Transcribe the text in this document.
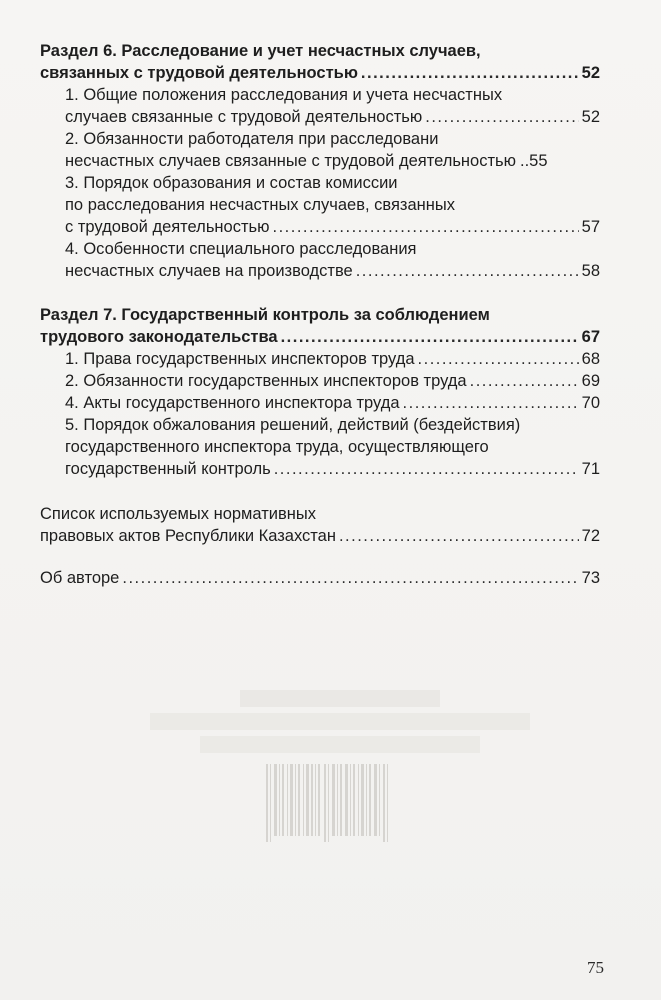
Раздел 6. Расследование и учет несчастных случаев,
связанных с трудовой деятельностью .....	52
1. Общие положения расследования и учета несчастных
случаев связанные с трудовой деятельностью .....	52
2. Обязанности работодателя при расследовани
несчастных случаев связанные с трудовой деятельностью ..55
3. Порядок образования и состав комиссии
по расследования несчастных случаев, связанных
с трудовой деятельностью .....	57
4. Особенности специального расследования
несчастных случаев на производстве .....	58
Раздел 7. Государственный контроль за соблюдением
трудового законодательства .....	67
1. Права государственных инспекторов труда .....	68
2. Обязанности государственных инспекторов труда .....	69
4. Акты государственного инспектора труда .....	70
5. Порядок обжалования решений, действий (бездействия)
государственного инспектора труда, осуществляющего
государственный контроль .....	71
Список используемых нормативных
правовых актов Республики Казахстан .....	72
Об авторе .....	73
75
